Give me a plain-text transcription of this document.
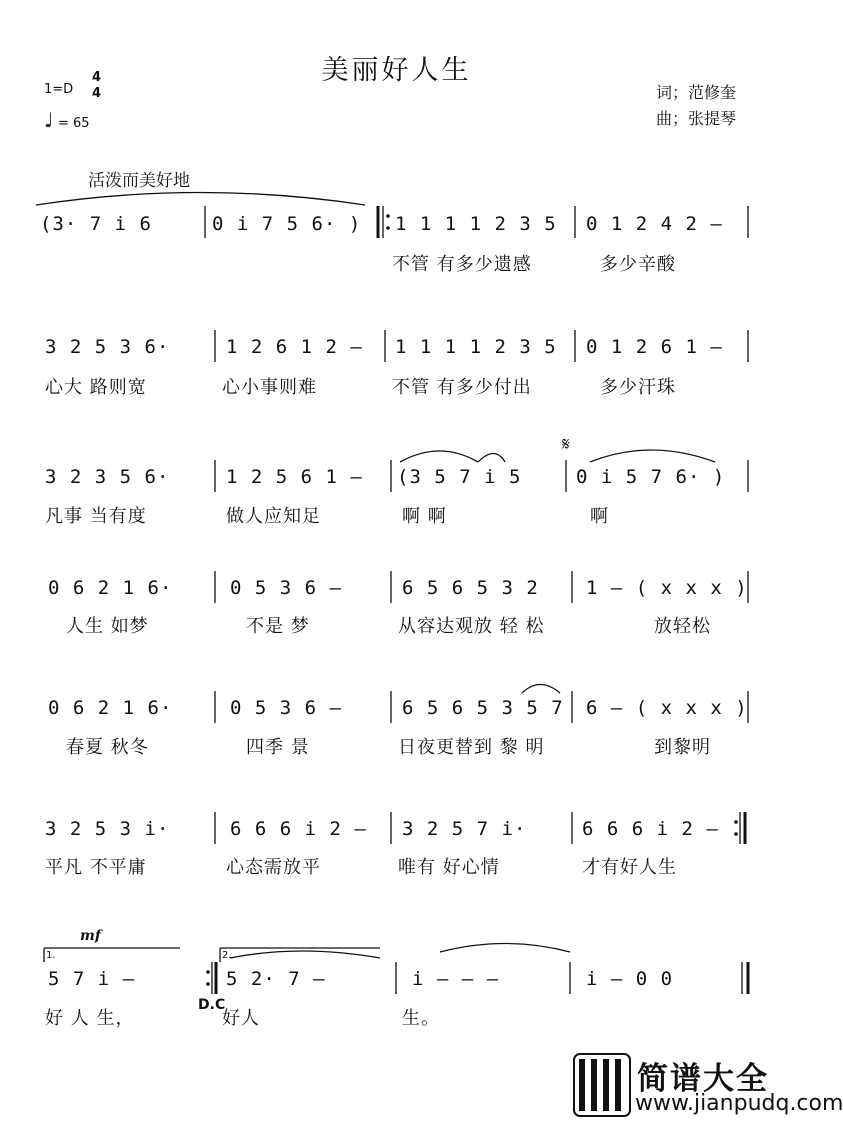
美丽好人生
1=D
4
4
♩ = 65
词；范修奎
曲；张提琴
活泼而美好地
(3· 7 i 6	0 i 7 5 6· ) 1 1 1 1 2 3 5 0 1 2 4 2 –
不管 有多少遗感	多少辛酸
3 2 5 3 6·	1 2 6 1 2 – 1 1 1 1 2 3 5 0 1 2 6 1 –
心大 路则宽	心小事则难	不管 有多少付出	多少汗珠
3 2 3 5 6·	1 2 5 6 1 – (3 5 7 i 5	0 i 5 7 6· )
凡事 当有度	做人应知足	啊 啊	啊
𝄋
0 6 2 1 6·	0 5 3 6 –	6 5 6 5 3 2 1 – ( x x x )
人生 如梦	不是 梦	从容达观放 轻 松	放轻松
0 6 2 1 6·	0 5 3 6 –	6 5 6 5 3 5 7 6 – ( x x x )
春夏 秋冬	四季 景	日夜更替到 黎 明	到黎明
3 2 5 3 i·	6 6 6 i 2 – 3 2 5 7 i·	6 6 6 i 2 –
平凡 不平庸	心态需放平	唯有 好心情	才有好人生
mf
1.	2.
5 7 i –	5 2· 7 –	i – – –	i – 0 0
好 人 生，
D.C
好人	生。
简谱大全
www.jianpudq.com
